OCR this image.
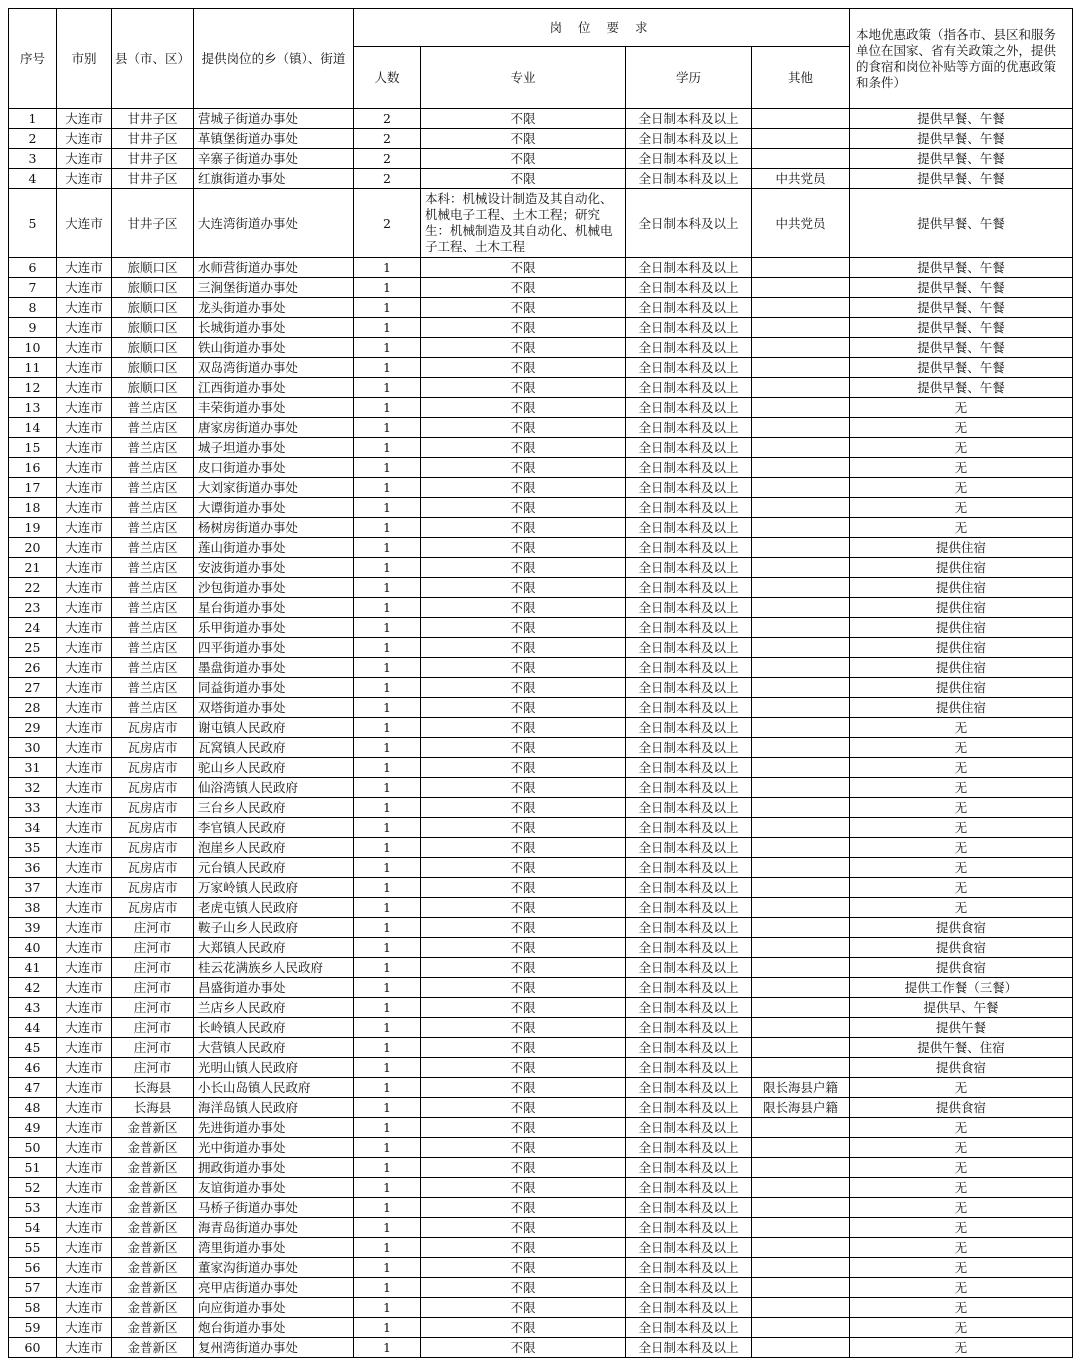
序号	市别	县（市、区）	提供岗位的乡（镇）、街道	岗 位 要 求				本地优惠政策（指各市、县区和服务单位在国家、省有关政策之外，提供的食宿和岗位补贴等方面的优惠政策和条件）
				人数	专业	学历	其他	
1	大连市	甘井子区	营城子街道办事处	2	不限	全日制本科及以上		提供早餐、午餐
2	大连市	甘井子区	革镇堡街道办事处	2	不限	全日制本科及以上		提供早餐、午餐
3	大连市	甘井子区	辛寨子街道办事处	2	不限	全日制本科及以上		提供早餐、午餐
4	大连市	甘井子区	红旗街道办事处	2	不限	全日制本科及以上	中共党员	提供早餐、午餐
5	大连市	甘井子区	大连湾街道办事处	2	本科：机械设计制造及其自动化、机械电子工程、土木工程；研究生：机械制造及其自动化、机械电子工程、土木工程	全日制本科及以上	中共党员	提供早餐、午餐
6	大连市	旅顺口区	水师营街道办事处	1	不限	全日制本科及以上		提供早餐、午餐
7	大连市	旅顺口区	三涧堡街道办事处	1	不限	全日制本科及以上		提供早餐、午餐
8	大连市	旅顺口区	龙头街道办事处	1	不限	全日制本科及以上		提供早餐、午餐
9	大连市	旅顺口区	长城街道办事处	1	不限	全日制本科及以上		提供早餐、午餐
10	大连市	旅顺口区	铁山街道办事处	1	不限	全日制本科及以上		提供早餐、午餐
11	大连市	旅顺口区	双岛湾街道办事处	1	不限	全日制本科及以上		提供早餐、午餐
12	大连市	旅顺口区	江西街道办事处	1	不限	全日制本科及以上		提供早餐、午餐
13	大连市	普兰店区	丰荣街道办事处	1	不限	全日制本科及以上		无
14	大连市	普兰店区	唐家房街道办事处	1	不限	全日制本科及以上		无
15	大连市	普兰店区	城子坦道办事处	1	不限	全日制本科及以上		无
16	大连市	普兰店区	皮口街道办事处	1	不限	全日制本科及以上		无
17	大连市	普兰店区	大刘家街道办事处	1	不限	全日制本科及以上		无
18	大连市	普兰店区	大谭街道办事处	1	不限	全日制本科及以上		无
19	大连市	普兰店区	杨树房街道办事处	1	不限	全日制本科及以上		无
20	大连市	普兰店区	莲山街道办事处	1	不限	全日制本科及以上		提供住宿
21	大连市	普兰店区	安波街道办事处	1	不限	全日制本科及以上		提供住宿
22	大连市	普兰店区	沙包街道办事处	1	不限	全日制本科及以上		提供住宿
23	大连市	普兰店区	星台街道办事处	1	不限	全日制本科及以上		提供住宿
24	大连市	普兰店区	乐甲街道办事处	1	不限	全日制本科及以上		提供住宿
25	大连市	普兰店区	四平街道办事处	1	不限	全日制本科及以上		提供住宿
26	大连市	普兰店区	墨盘街道办事处	1	不限	全日制本科及以上		提供住宿
27	大连市	普兰店区	同益街道办事处	1	不限	全日制本科及以上		提供住宿
28	大连市	普兰店区	双塔街道办事处	1	不限	全日制本科及以上		提供住宿
29	大连市	瓦房店市	谢屯镇人民政府	1	不限	全日制本科及以上		无
30	大连市	瓦房店市	瓦窝镇人民政府	1	不限	全日制本科及以上		无
31	大连市	瓦房店市	驼山乡人民政府	1	不限	全日制本科及以上		无
32	大连市	瓦房店市	仙浴湾镇人民政府	1	不限	全日制本科及以上		无
33	大连市	瓦房店市	三台乡人民政府	1	不限	全日制本科及以上		无
34	大连市	瓦房店市	李官镇人民政府	1	不限	全日制本科及以上		无
35	大连市	瓦房店市	泡崖乡人民政府	1	不限	全日制本科及以上		无
36	大连市	瓦房店市	元台镇人民政府	1	不限	全日制本科及以上		无
37	大连市	瓦房店市	万家岭镇人民政府	1	不限	全日制本科及以上		无
38	大连市	瓦房店市	老虎屯镇人民政府	1	不限	全日制本科及以上		无
39	大连市	庄河市	鞍子山乡人民政府	1	不限	全日制本科及以上		提供食宿
40	大连市	庄河市	大郑镇人民政府	1	不限	全日制本科及以上		提供食宿
41	大连市	庄河市	桂云花满族乡人民政府	1	不限	全日制本科及以上		提供食宿
42	大连市	庄河市	昌盛街道办事处	1	不限	全日制本科及以上		提供工作餐（三餐）
43	大连市	庄河市	兰店乡人民政府	1	不限	全日制本科及以上		提供早、午餐
44	大连市	庄河市	长岭镇人民政府	1	不限	全日制本科及以上		提供午餐
45	大连市	庄河市	大营镇人民政府	1	不限	全日制本科及以上		提供午餐、住宿
46	大连市	庄河市	光明山镇人民政府	1	不限	全日制本科及以上		提供食宿
47	大连市	长海县	小长山岛镇人民政府	1	不限	全日制本科及以上	限长海县户籍	无
48	大连市	长海县	海洋岛镇人民政府	1	不限	全日制本科及以上	限长海县户籍	提供食宿
49	大连市	金普新区	先进街道办事处	1	不限	全日制本科及以上		无
50	大连市	金普新区	光中街道办事处	1	不限	全日制本科及以上		无
51	大连市	金普新区	拥政街道办事处	1	不限	全日制本科及以上		无
52	大连市	金普新区	友谊街道办事处	1	不限	全日制本科及以上		无
53	大连市	金普新区	马桥子街道办事处	1	不限	全日制本科及以上		无
54	大连市	金普新区	海青岛街道办事处	1	不限	全日制本科及以上		无
55	大连市	金普新区	湾里街道办事处	1	不限	全日制本科及以上		无
56	大连市	金普新区	董家沟街道办事处	1	不限	全日制本科及以上		无
57	大连市	金普新区	亮甲店街道办事处	1	不限	全日制本科及以上		无
58	大连市	金普新区	向应街道办事处	1	不限	全日制本科及以上		无
59	大连市	金普新区	炮台街道办事处	1	不限	全日制本科及以上		无
60	大连市	金普新区	复州湾街道办事处	1	不限	全日制本科及以上		无
